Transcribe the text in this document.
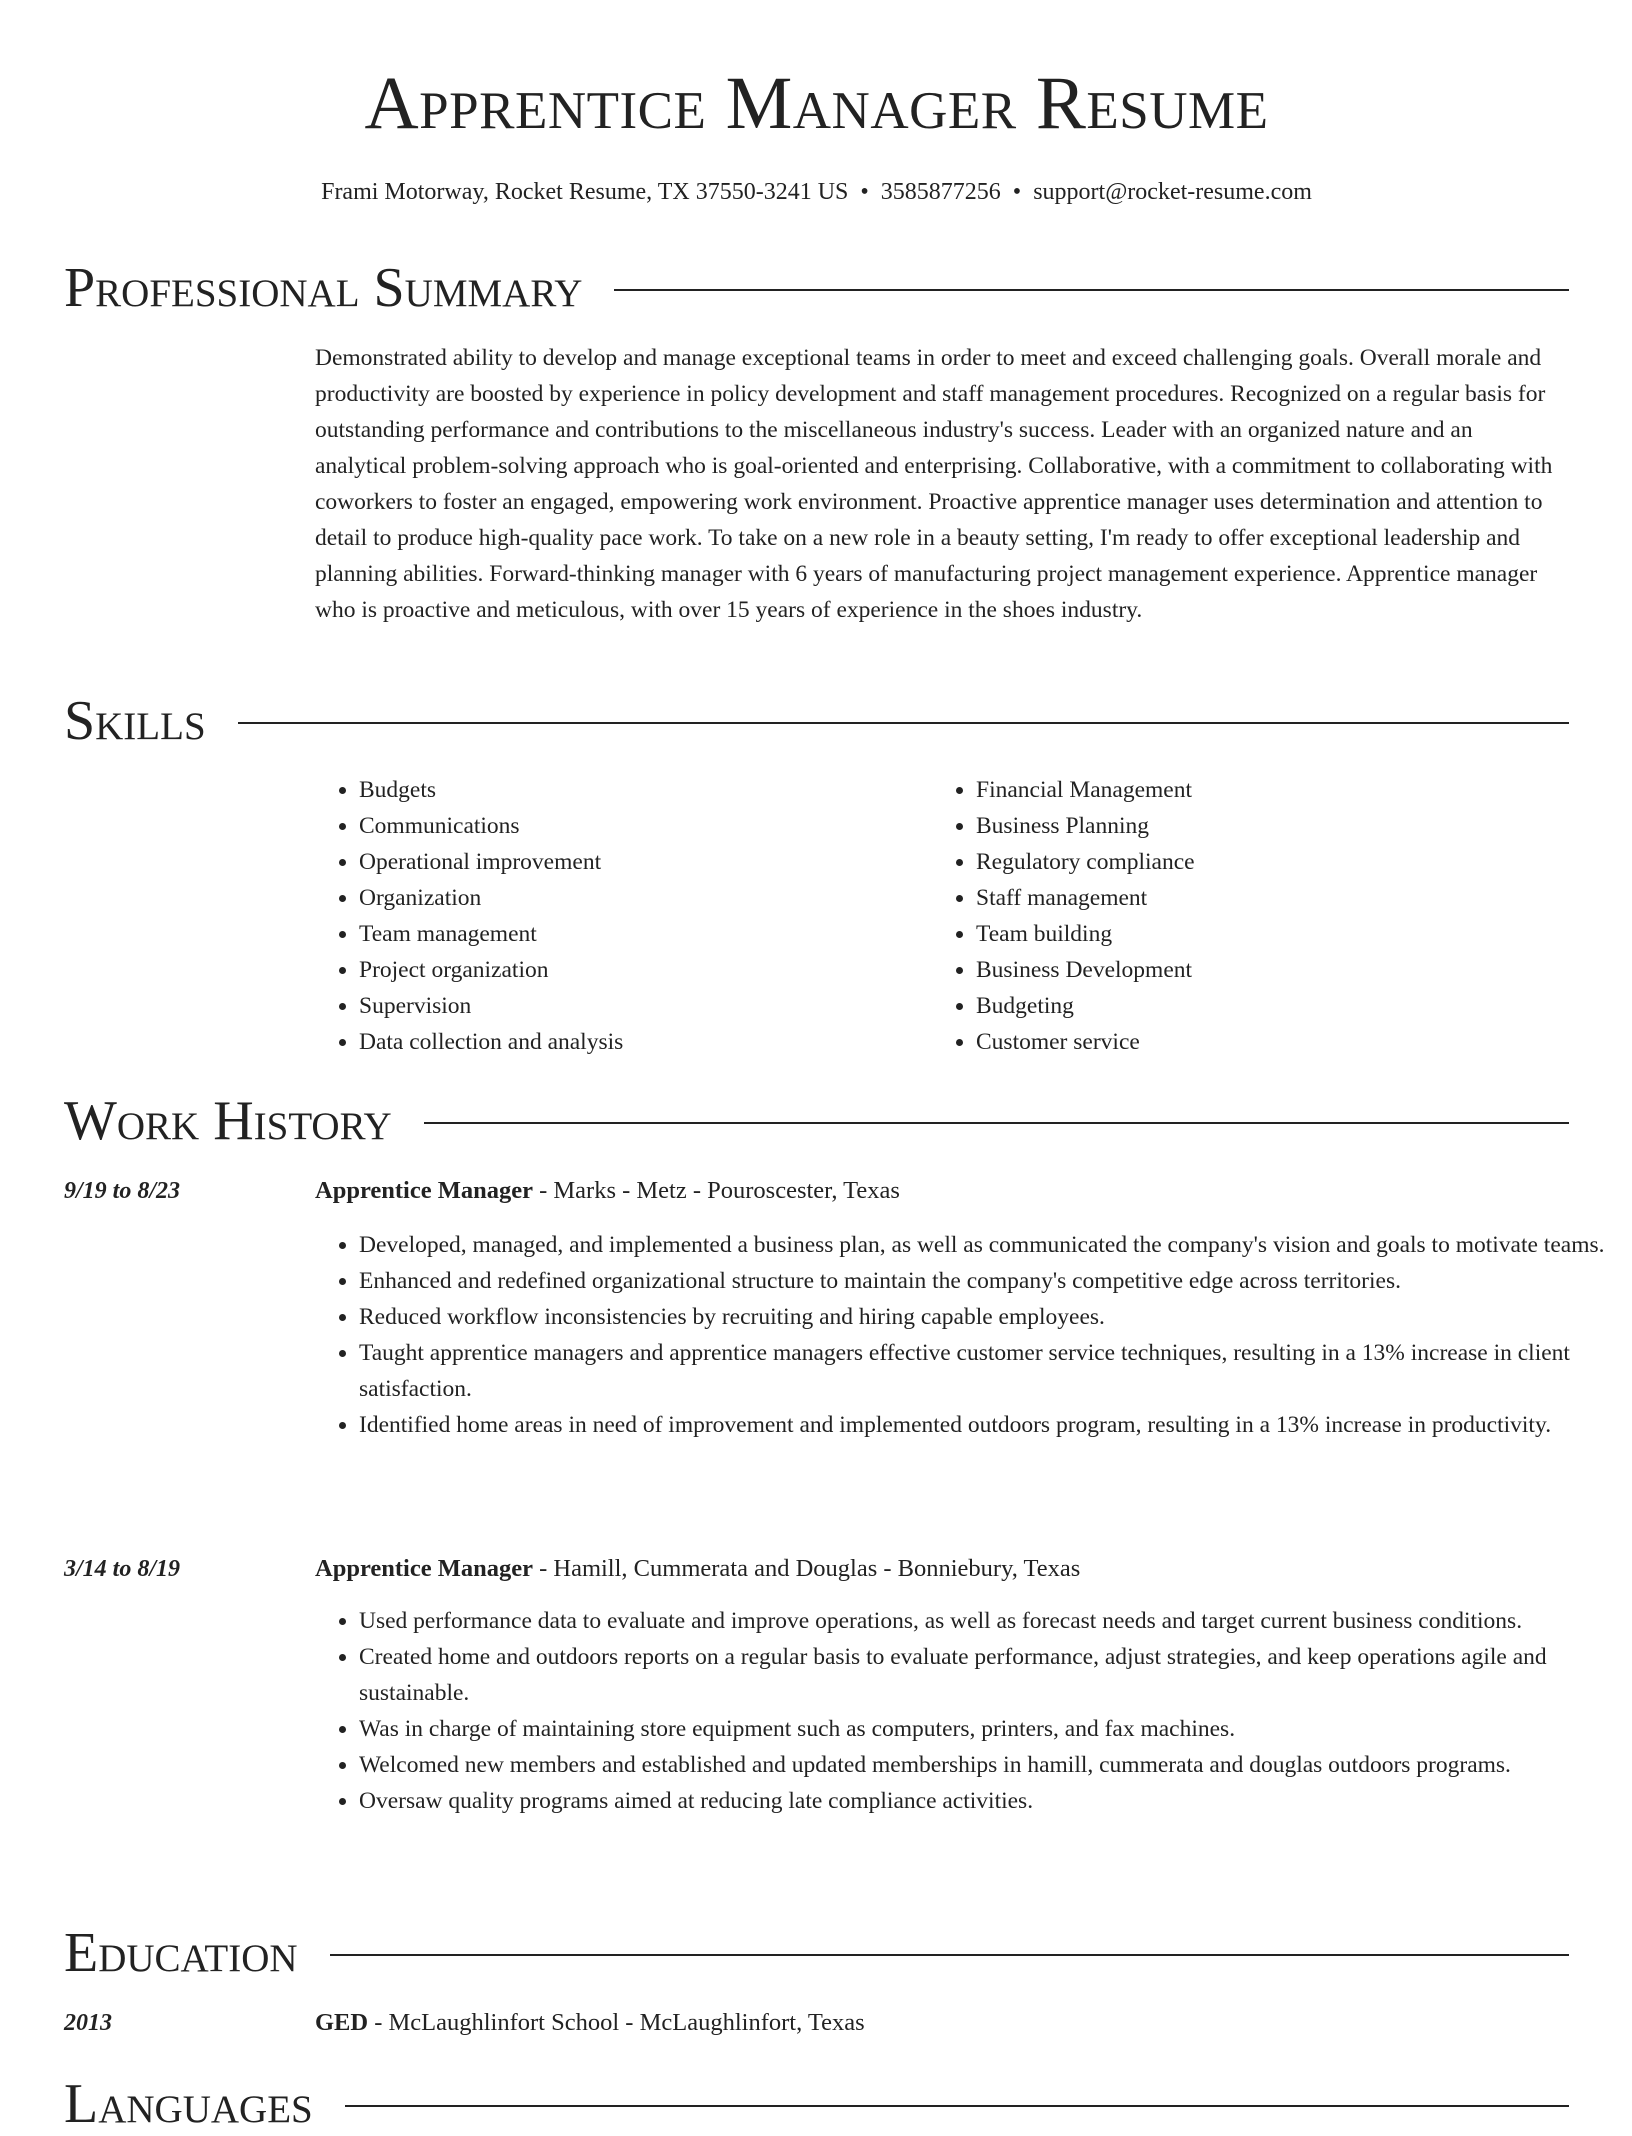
Apprentice Manager Resume
Frami Motorway, Rocket Resume, TX 37550-3241 US • 3585877256 • support@rocket-resume.com
Professional Summary

Demonstrated ability to develop and manage exceptional teams in order to meet and exceed challenging goals. Overall morale and productivity are boosted by experience in policy development and staff management procedures. Recognized on a regular basis for outstanding performance and contributions to the miscellaneous industry's success. Leader with an organized nature and an analytical problem-solving approach who is goal-oriented and enterprising. Collaborative, with a commitment to collaborating with coworkers to foster an engaged, empowering work environment. Proactive apprentice manager uses determination and attention to detail to produce high-quality pace work. To take on a new role in a beauty setting, I'm ready to offer exceptional leadership and planning abilities. Forward-thinking manager with 6 years of manufacturing project management experience. Apprentice manager who is proactive and meticulous, with over 15 years of experience in the shoes industry.

Skills
• Budgets
• Communications
• Operational improvement
• Organization
• Team management
• Project organization
• Supervision
• Data collection and analysis
• Financial Management
• Business Planning
• Regulatory compliance
• Staff management
• Team building
• Business Development
• Budgeting
• Customer service
Work History
9/19 to 8/23	Apprentice Manager - Marks - Metz - Pouroscester, Texas
• Developed, managed, and implemented a business plan, as well as communicated the company's vision and goals to motivate teams.
• Enhanced and redefined organizational structure to maintain the company's competitive edge across territories.
• Reduced workflow inconsistencies by recruiting and hiring capable employees.
• Taught apprentice managers and apprentice managers effective customer service techniques, resulting in a 13% increase in client satisfaction.
• Identified home areas in need of improvement and implemented outdoors program, resulting in a 13% increase in productivity.
3/14 to 8/19	Apprentice Manager - Hamill, Cummerata and Douglas - Bonniebury, Texas
• Used performance data to evaluate and improve operations, as well as forecast needs and target current business conditions.
• Created home and outdoors reports on a regular basis to evaluate performance, adjust strategies, and keep operations agile and sustainable.
• Was in charge of maintaining store equipment such as computers, printers, and fax machines.
• Welcomed new members and established and updated memberships in hamill, cummerata and douglas outdoors programs.
• Oversaw quality programs aimed at reducing late compliance activities.
Education
2013	GED - McLaughlinfort School - McLaughlinfort, Texas
Languages
